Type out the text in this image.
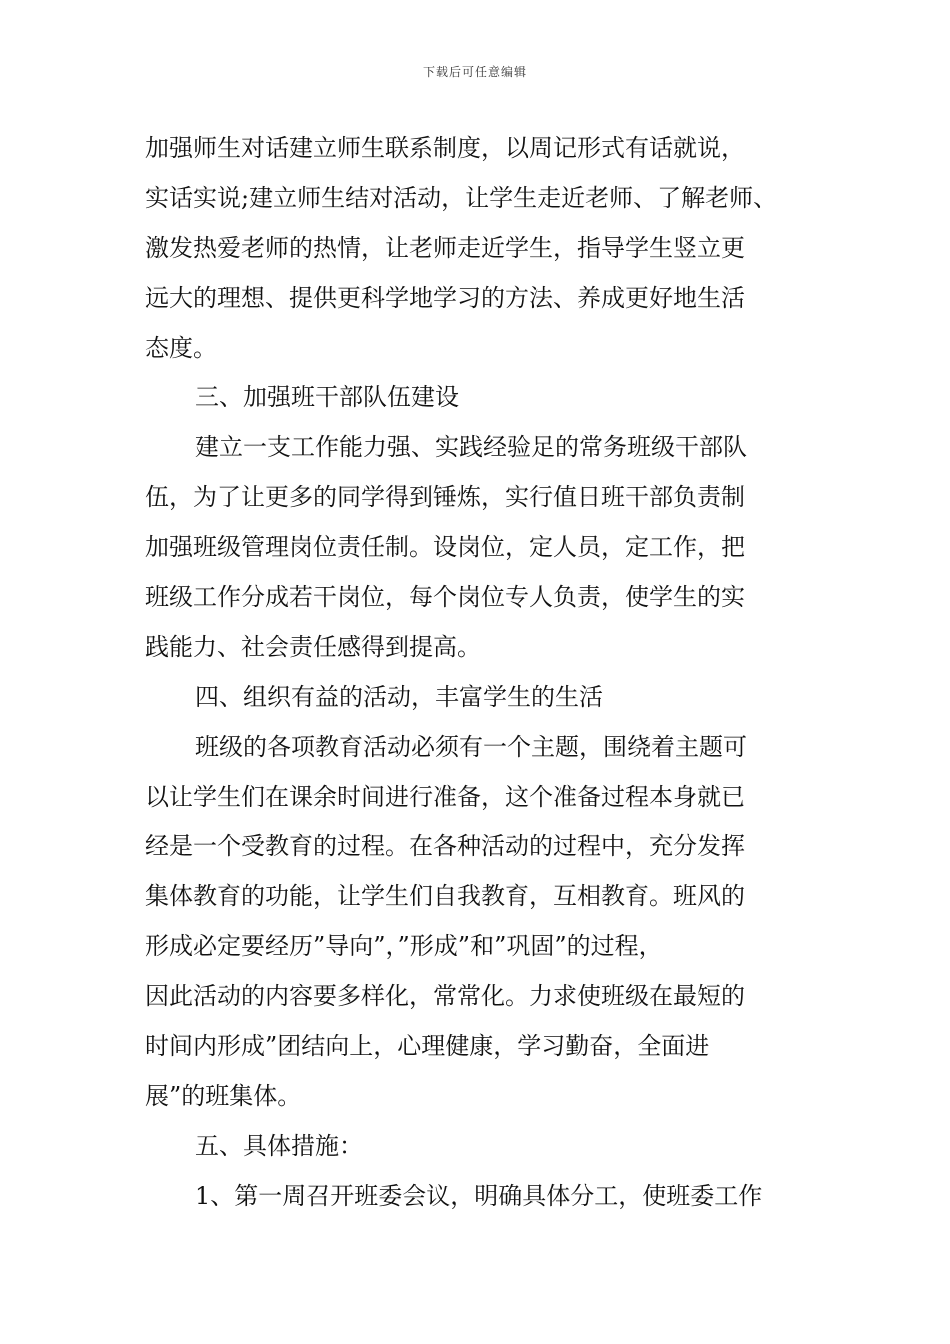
下载后可任意编辑
加强师生对话建立师生联系制度，以周记形式有话就说，
实话实说;建立师生结对活动，让学生走近老师、了解老师、
激发热爱老师的热情，让老师走近学生，指导学生竖立更
远大的理想、提供更科学地学习的方法、养成更好地生活
态度。
三、加强班干部队伍建设
建立一支工作能力强、实践经验足的常务班级干部队
伍，为了让更多的同学得到锤炼，实行值日班干部负责制
加强班级管理岗位责任制。设岗位，定人员，定工作，把
班级工作分成若干岗位，每个岗位专人负责，使学生的实
践能力、社会责任感得到提高。
四、组织有益的活动，丰富学生的生活
班级的各项教育活动必须有一个主题，围绕着主题可
以让学生们在课余时间进行准备，这个准备过程本身就已
经是一个受教育的过程。在各种活动的过程中，充分发挥
集体教育的功能，让学生们自我教育，互相教育。班风的
形成必定要经历”导向”，”形成”和”巩固”的过程，
因此活动的内容要多样化，常常化。力求使班级在最短的
时间内形成”团结向上，心理健康，学习勤奋，全面进
展”的班集体。
五、具体措施：
1、第一周召开班委会议，明确具体分工，使班委工作
